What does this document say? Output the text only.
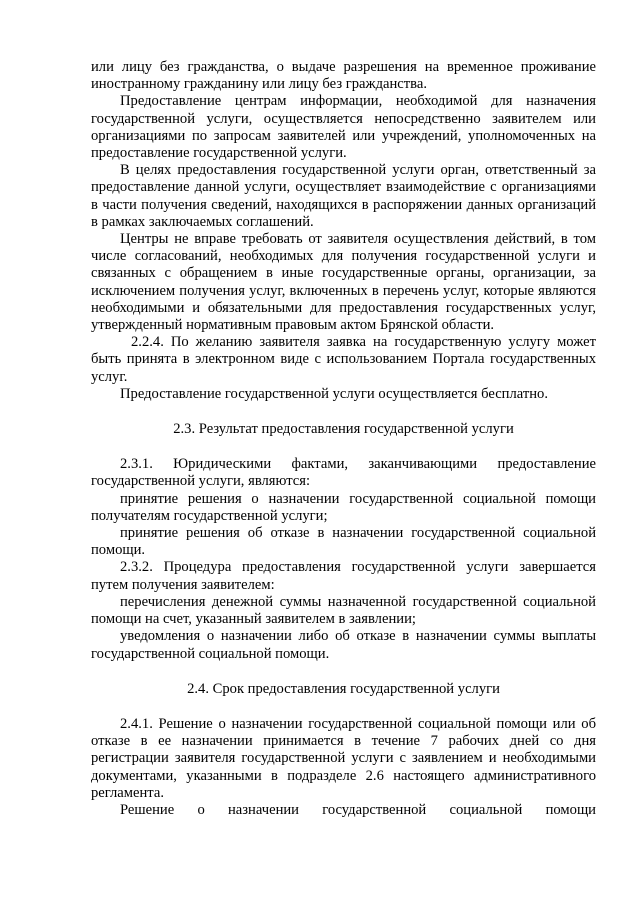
или лицу без гражданства, о выдаче разрешения на временное проживание иностранному гражданину или лицу без гражданства.

Предоставление центрам информации, необходимой для назначения государственной услуги, осуществляется непосредственно заявителем или организациями по запросам заявителей или учреждений, уполномоченных на предоставление государственной услуги.

В целях предоставления государственной услуги орган, ответственный за предоставление данной услуги, осуществляет взаимодействие с организациями в части получения сведений, находящихся в распоряжении данных организаций в рамках заключаемых соглашений.

Центры не вправе требовать от заявителя осуществления действий, в том числе согласований, необходимых для получения государственной услуги и связанных с обращением в иные государственные органы, организации, за исключением получения услуг, включенных в перечень услуг, которые являются необходимыми и обязательными для предоставления государственных услуг, утвержденный нормативным правовым актом Брянской области.

2.2.4. По желанию заявителя заявка на государственную услугу может быть принята в электронном виде с использованием Портала государственных услуг.

Предоставление государственной услуги осуществляется бесплатно.

2.3. Результат предоставления государственной услуги

2.3.1. Юридическими фактами, заканчивающими предоставление государственной услуги, являются:

принятие решения о назначении государственной социальной помощи получателям государственной услуги;

принятие решения об отказе в назначении государственной социальной помощи.

2.3.2. Процедура предоставления государственной услуги завершается путем получения заявителем:

перечисления денежной суммы назначенной государственной социальной помощи на счет, указанный заявителем в заявлении;

уведомления о назначении либо об отказе в назначении суммы выплаты государственной социальной помощи.

2.4. Срок предоставления государственной услуги

2.4.1. Решение о назначении государственной социальной помощи или об отказе в ее назначении принимается в течение 7 рабочих дней со дня регистрации заявителя государственной услуги с заявлением и необходимыми документами, указанными в подразделе 2.6 настоящего административного регламента.

Решение о назначении государственной социальной помощи
